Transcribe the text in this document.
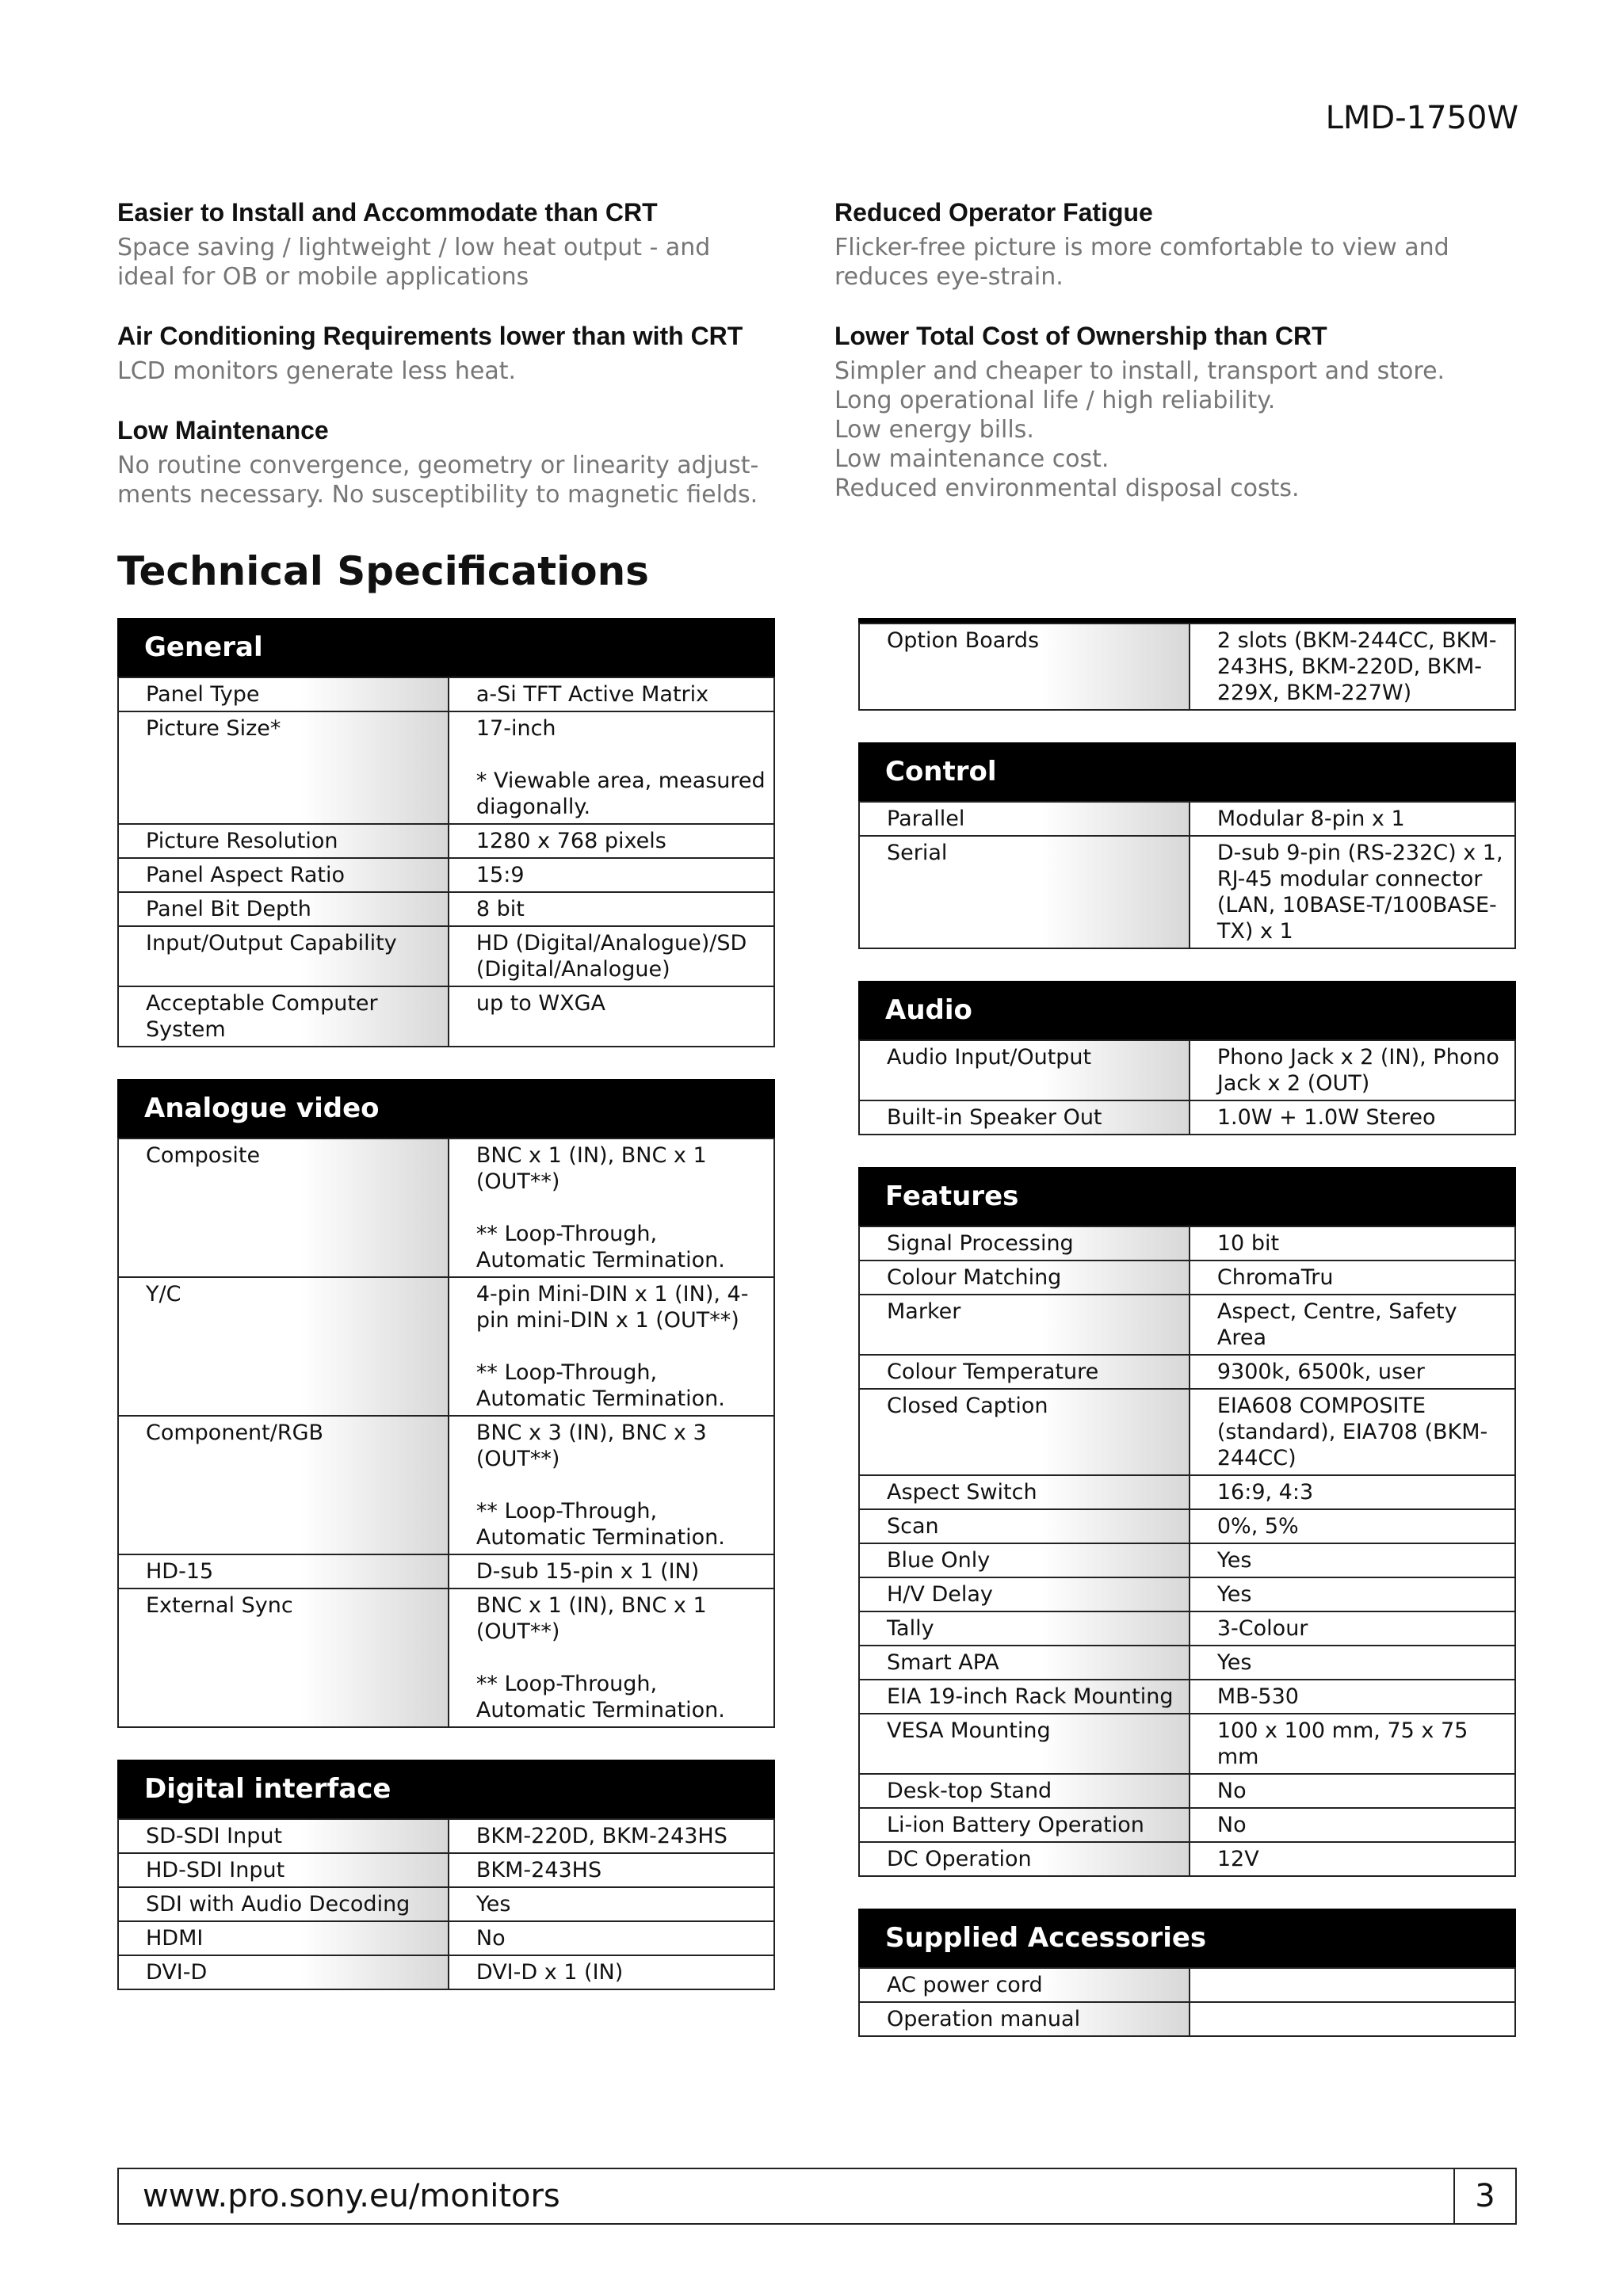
LMD-1750W
Easier to Install and Accommodate than CRT
Space saving / lightweight / low heat output - and
ideal for OB or mobile applications
Air Conditioning Requirements lower than with CRT
LCD monitors generate less heat.
Low Maintenance
No routine convergence, geometry or linearity adjust-
ments necessary. No susceptibility to magnetic fields.
Reduced Operator Fatigue
Flicker-free picture is more comfortable to view and
reduces eye-strain.
Lower Total Cost of Ownership than CRT
Simpler and cheaper to install, transport and store.
Long operational life / high reliability.
Low energy bills.
Low maintenance cost.
Reduced environmental disposal costs.
Technical Specifications
General
Panel Type	a-Si TFT Active Matrix

Picture Size*	17-inch
* Viewable area, measured diagonally.

Picture Resolution	1280 x 768 pixels

Panel Aspect Ratio	15:9

Panel Bit Depth	8 bit

Input/Output Capability	HD (Digital/Analogue)/SD (Digital/Analogue)

Acceptable Computer System	up to WXGA
Analogue video
Composite	BNC x 1 (IN), BNC x 1 (OUT**)
** Loop-Through, Automatic Termination.

Y/C	4-pin Mini-DIN x 1 (IN), 4-pin mini-DIN x 1 (OUT**)
** Loop-Through, Automatic Termination.

Component/RGB	BNC x 3 (IN), BNC x 3 (OUT**)
** Loop-Through, Automatic Termination.

HD-15	D-sub 15-pin x 1 (IN)

External Sync	BNC x 1 (IN), BNC x 1 (OUT**)
** Loop-Through, Automatic Termination.
Digital interface
SD-SDI Input	BKM-220D, BKM-243HS

HD-SDI Input	BKM-243HS

SDI with Audio Decoding	Yes

HDMI	No

DVI-D	DVI-D x 1 (IN)
Option Boards	2 slots (BKM-244CC, BKM-243HS, BKM-220D, BKM-229X, BKM-227W)
Control
Parallel	Modular 8-pin x 1

Serial	D-sub 9-pin (RS-232C) x 1, RJ-45 modular connector (LAN, 10BASE-T/100BASE-TX) x 1
Audio
Audio Input/Output	Phono Jack x 2 (IN), Phono Jack x 2 (OUT)

Built-in Speaker Out	1.0W + 1.0W Stereo
Features
Signal Processing	10 bit

Colour Matching	ChromaTru

Marker	Aspect, Centre, Safety Area

Colour Temperature	9300k, 6500k, user

Closed Caption	EIA608 COMPOSITE (standard), EIA708 (BKM-244CC)

Aspect Switch	16:9, 4:3

Scan	0%, 5%

Blue Only	Yes

H/V Delay	Yes

Tally	3-Colour

Smart APA	Yes

EIA 19-inch Rack Mounting	MB-530

VESA Mounting	100 x 100 mm, 75 x 75 mm

Desk-top Stand	No

Li-ion Battery Operation	No

DC Operation	12V
Supplied Accessories
AC power cord	

Operation manual	
www.pro.sony.eu/monitors	3
